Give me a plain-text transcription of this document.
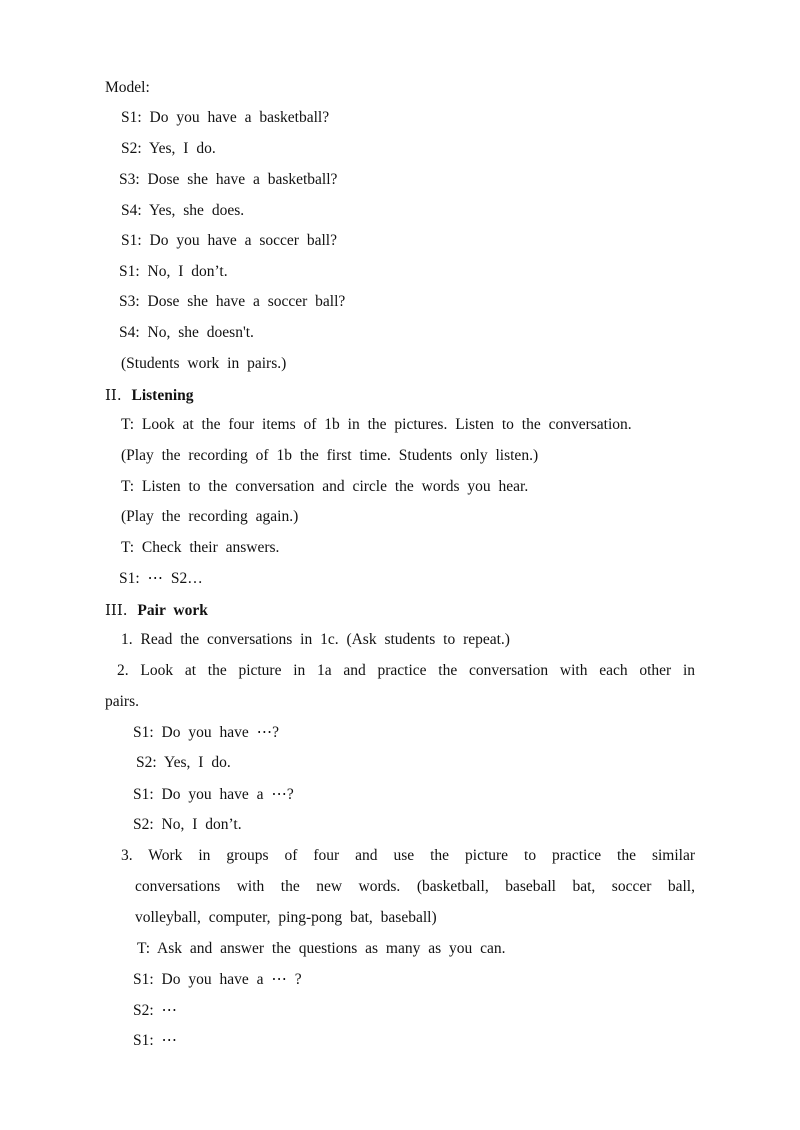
Model:
S1: Do you have a basketball?
S2: Yes, I do.
S3: Dose she have a basketball?
S4: Yes, she does.
S1: Do you have a soccer ball?
S1: No, I don’t.
S3: Dose she have a soccer ball?
S4: No, she doesn't.
(Students work in pairs.)
II. Listening
T: Look at the four items of 1b in the pictures. Listen to the conversation.
(Play the recording of 1b the first time. Students only listen.)
T: Listen to the conversation and circle the words you hear.
(Play the recording again.)
T: Check their answers.
S1: ⋯ S2…
III. Pair work
1. Read the conversations in 1c. (Ask students to repeat.)
2. Look at the picture in 1a and practice the conversation with each other in
pairs.
S1: Do you have ⋯?
S2: Yes, I do.
S1: Do you have a ⋯?
S2: No, I don’t.
3. Work in groups of four and use the picture to practice the similar
conversations with the new words. (basketball, baseball bat, soccer ball,
volleyball, computer, ping-pong bat, baseball)
T: Ask and answer the questions as many as you can.
S1: Do you have a ⋯ ?
S2: ⋯
S1: ⋯
